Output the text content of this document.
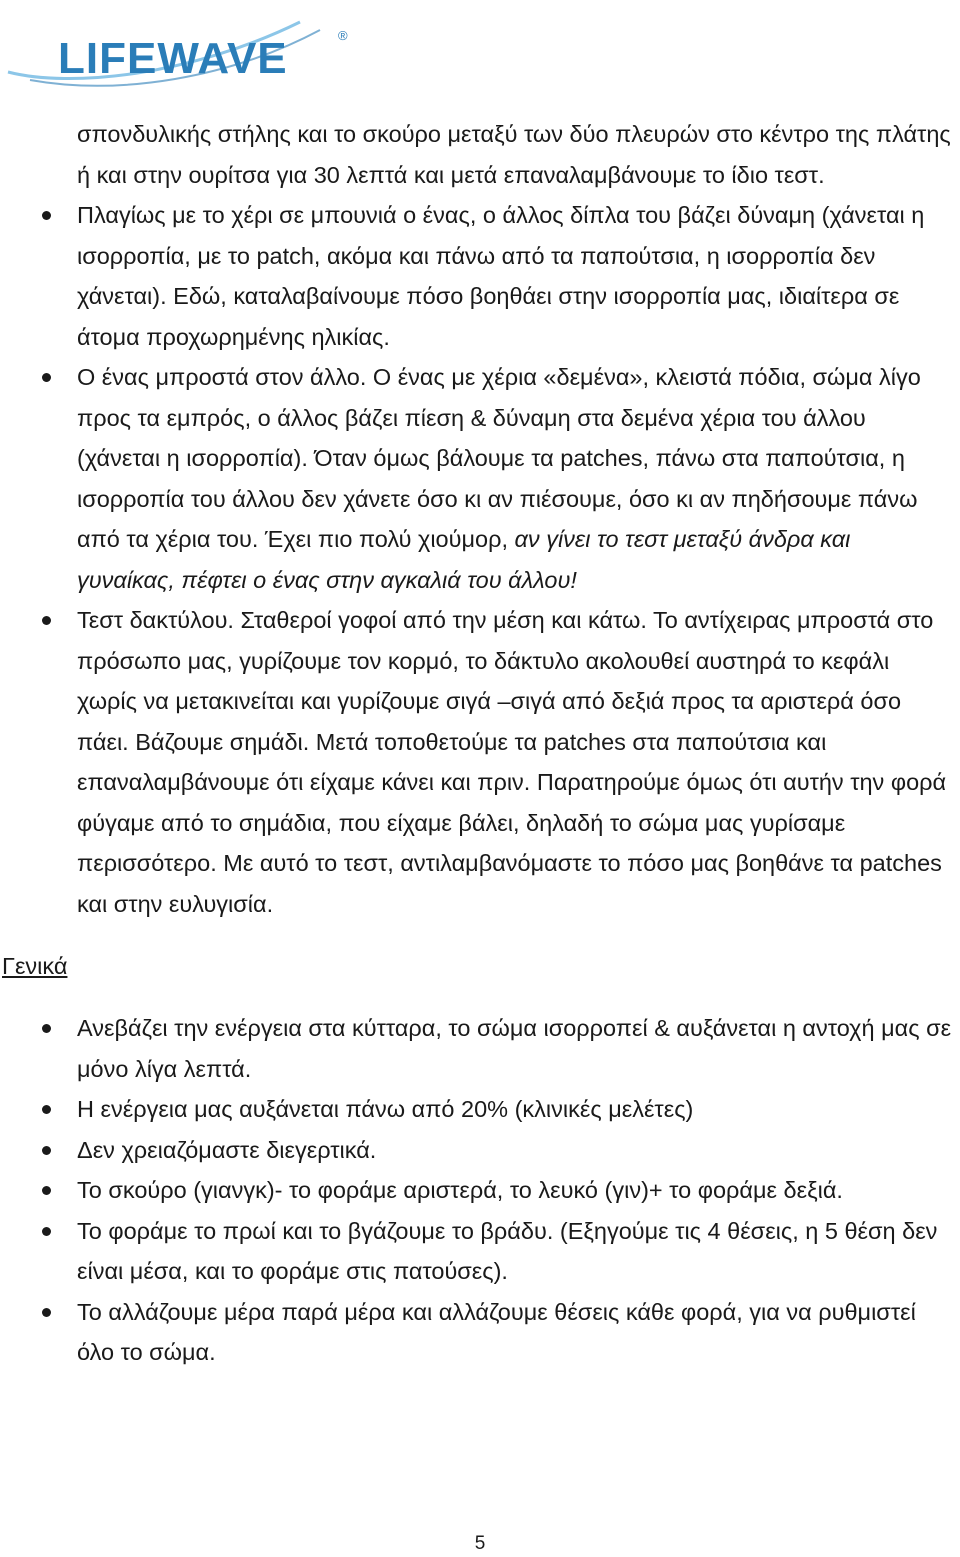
LIFEWAVE	®
σπονδυλικής στήλης και το σκούρο μεταξύ των δύο πλευρών στο κέντρο της πλάτης ή και στην ουρίτσα για 30 λεπτά και μετά επαναλαμβάνουμε το ίδιο τεστ.
Πλαγίως με το χέρι σε μπουνιά ο ένας, ο άλλος δίπλα του βάζει δύναμη (χάνεται η ισορροπία, με το patch, ακόμα και πάνω από τα παπούτσια, η ισορροπία δεν χάνεται). Εδώ, καταλαβαίνουμε πόσο βοηθάει στην ισορροπία μας, ιδιαίτερα σε άτομα προχωρημένης ηλικίας.
Ο ένας μπροστά στον άλλο. Ο ένας με χέρια «δεμένα», κλειστά πόδια, σώμα λίγο προς τα εμπρός, ο άλλος βάζει πίεση & δύναμη στα δεμένα χέρια του άλλου (χάνεται η ισορροπία). Όταν όμως βάλουμε τα patches, πάνω στα παπούτσια, η ισορροπία του άλλου δεν χάνετε όσο κι αν πιέσουμε, όσο κι αν πηδήσουμε πάνω από τα χέρια του. Έχει πιο πολύ χιούμορ, αν γίνει το τεστ μεταξύ άνδρα και γυναίκας, πέφτει ο ένας στην αγκαλιά του άλλου!
Τεστ δακτύλου. Σταθεροί γοφοί από την μέση και κάτω. Το αντίχειρας μπροστά στο πρόσωπο μας, γυρίζουμε τον κορμό, το δάκτυλο ακολουθεί αυστηρά το κεφάλι χωρίς να μετακινείται και γυρίζουμε σιγά –σιγά από δεξιά προς τα αριστερά όσο πάει. Βάζουμε σημάδι. Μετά τοποθετούμε τα patches στα παπούτσια και επαναλαμβάνουμε ότι είχαμε κάνει και πριν. Παρατηρούμε όμως ότι αυτήν την φορά φύγαμε από το σημάδια, που είχαμε βάλει, δηλαδή το σώμα μας γυρίσαμε περισσότερο. Με αυτό το τεστ, αντιλαμβανόμαστε το πόσο μας βοηθάνε τα patches και στην ευλυγισία.
Γενικά
Ανεβάζει την ενέργεια στα κύτταρα, το σώμα ισορροπεί & αυξάνεται η αντοχή μας σε μόνο λίγα λεπτά.
Η ενέργεια μας αυξάνεται πάνω από 20% (κλινικές μελέτες)
Δεν χρειαζόμαστε διεγερτικά.
Το σκούρο (γιανγκ)- το φοράμε αριστερά, το λευκό (γιν)+ το φοράμε δεξιά.
Το φοράμε το πρωί και το βγάζουμε το βράδυ. (Εξηγούμε τις 4 θέσεις, η 5 θέση δεν είναι μέσα, και το φοράμε στις πατούσες).
Το αλλάζουμε μέρα παρά μέρα και αλλάζουμε θέσεις κάθε φορά, για να ρυθμιστεί όλο το σώμα.
5
